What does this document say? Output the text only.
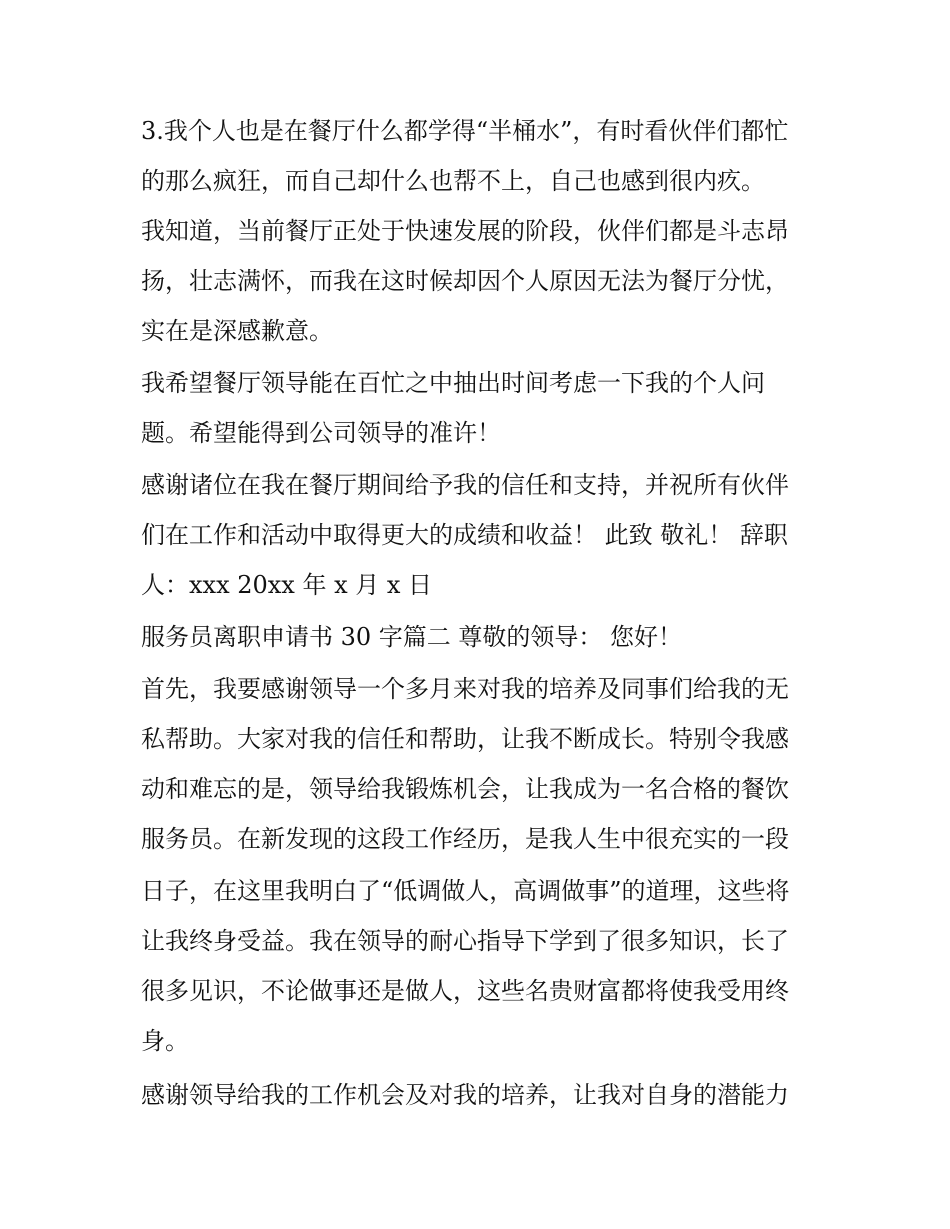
3.我个人也是在餐厅什么都学得“半桶水”，有时看伙伴们都忙

的那么疯狂，而自己却什么也帮不上，自己也感到很内疚。

我知道，当前餐厅正处于快速发展的阶段，伙伴们都是斗志昂

扬，壮志满怀，而我在这时候却因个人原因无法为餐厅分忧，

实在是深感歉意。

我希望餐厅领导能在百忙之中抽出时间考虑一下我的个人问

题。希望能得到公司领导的准许！

感谢诸位在我在餐厅期间给予我的信任和支持，并祝所有伙伴

们在工作和活动中取得更大的成绩和收益！ 此致 敬礼！ 辞职

人：xxx 20xx 年 x 月 x 日

服务员离职申请书 30 字篇二 尊敬的领导： 您好！

首先，我要感谢领导一个多月来对我的培养及同事们给我的无

私帮助。大家对我的信任和帮助，让我不断成长。特别令我感

动和难忘的是，领导给我锻炼机会，让我成为一名合格的餐饮

服务员。在新发现的这段工作经历，是我人生中很充实的一段

日子，在这里我明白了“低调做人，高调做事”的道理，这些将

让我终身受益。我在领导的耐心指导下学到了很多知识，长了

很多见识，不论做事还是做人，这些名贵财富都将使我受用终

身。

感谢领导给我的工作机会及对我的培养，让我对自身的潜能力
